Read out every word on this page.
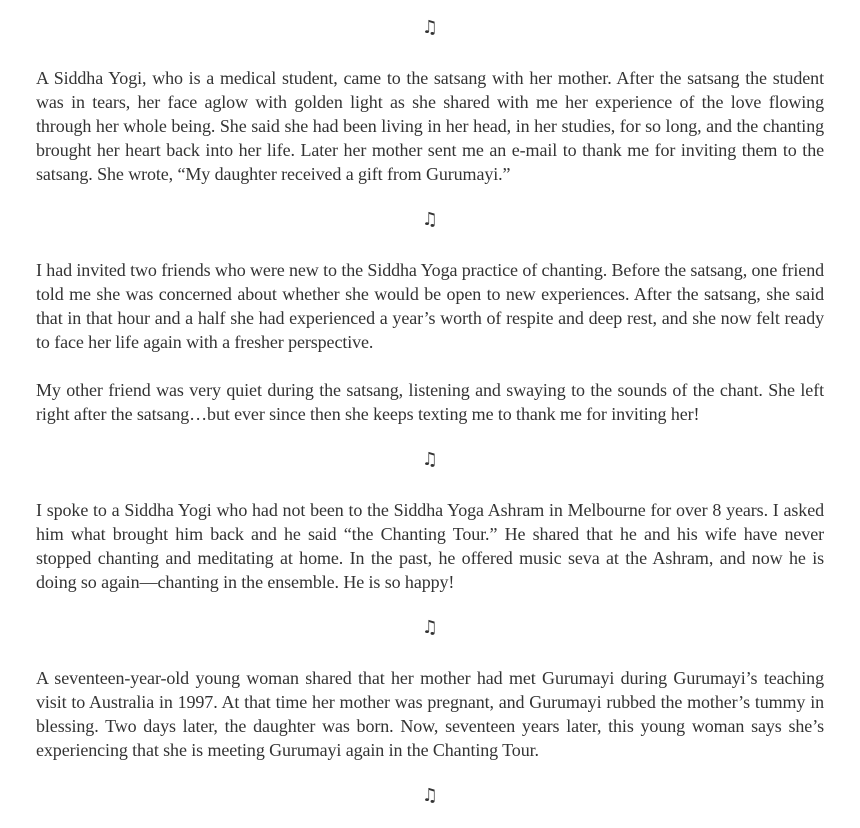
♫

A Siddha Yogi, who is a medical student, came to the satsang with her mother. After the satsang the student was in tears, her face aglow with golden light as she shared with me her experience of the love flowing through her whole being. She said she had been living in her head, in her studies, for so long, and the chanting brought her heart back into her life. Later her mother sent me an e-mail to thank me for inviting them to the satsang. She wrote, “My daughter received a gift from Gurumayi.”

♫

I had invited two friends who were new to the Siddha Yoga practice of chanting. Before the satsang, one friend told me she was concerned about whether she would be open to new experiences. After the satsang, she said that in that hour and a half she had experienced a year’s worth of respite and deep rest, and she now felt ready to face her life again with a fresher perspective.

My other friend was very quiet during the satsang, listening and swaying to the sounds of the chant. She left right after the satsang…but ever since then she keeps texting me to thank me for inviting her!

♫

I spoke to a Siddha Yogi who had not been to the Siddha Yoga Ashram in Melbourne for over 8 years. I asked him what brought him back and he said “the Chanting Tour.” He shared that he and his wife have never stopped chanting and meditating at home. In the past, he offered music seva at the Ashram, and now he is doing so again—chanting in the ensemble. He is so happy!

♫

A seventeen-year-old young woman shared that her mother had met Gurumayi during Gurumayi’s teaching visit to Australia in 1997. At that time her mother was pregnant, and Gurumayi rubbed the mother’s tummy in blessing. Two days later, the daughter was born. Now, seventeen years later, this young woman says she’s experiencing that she is meeting Gurumayi again in the Chanting Tour.

♫
